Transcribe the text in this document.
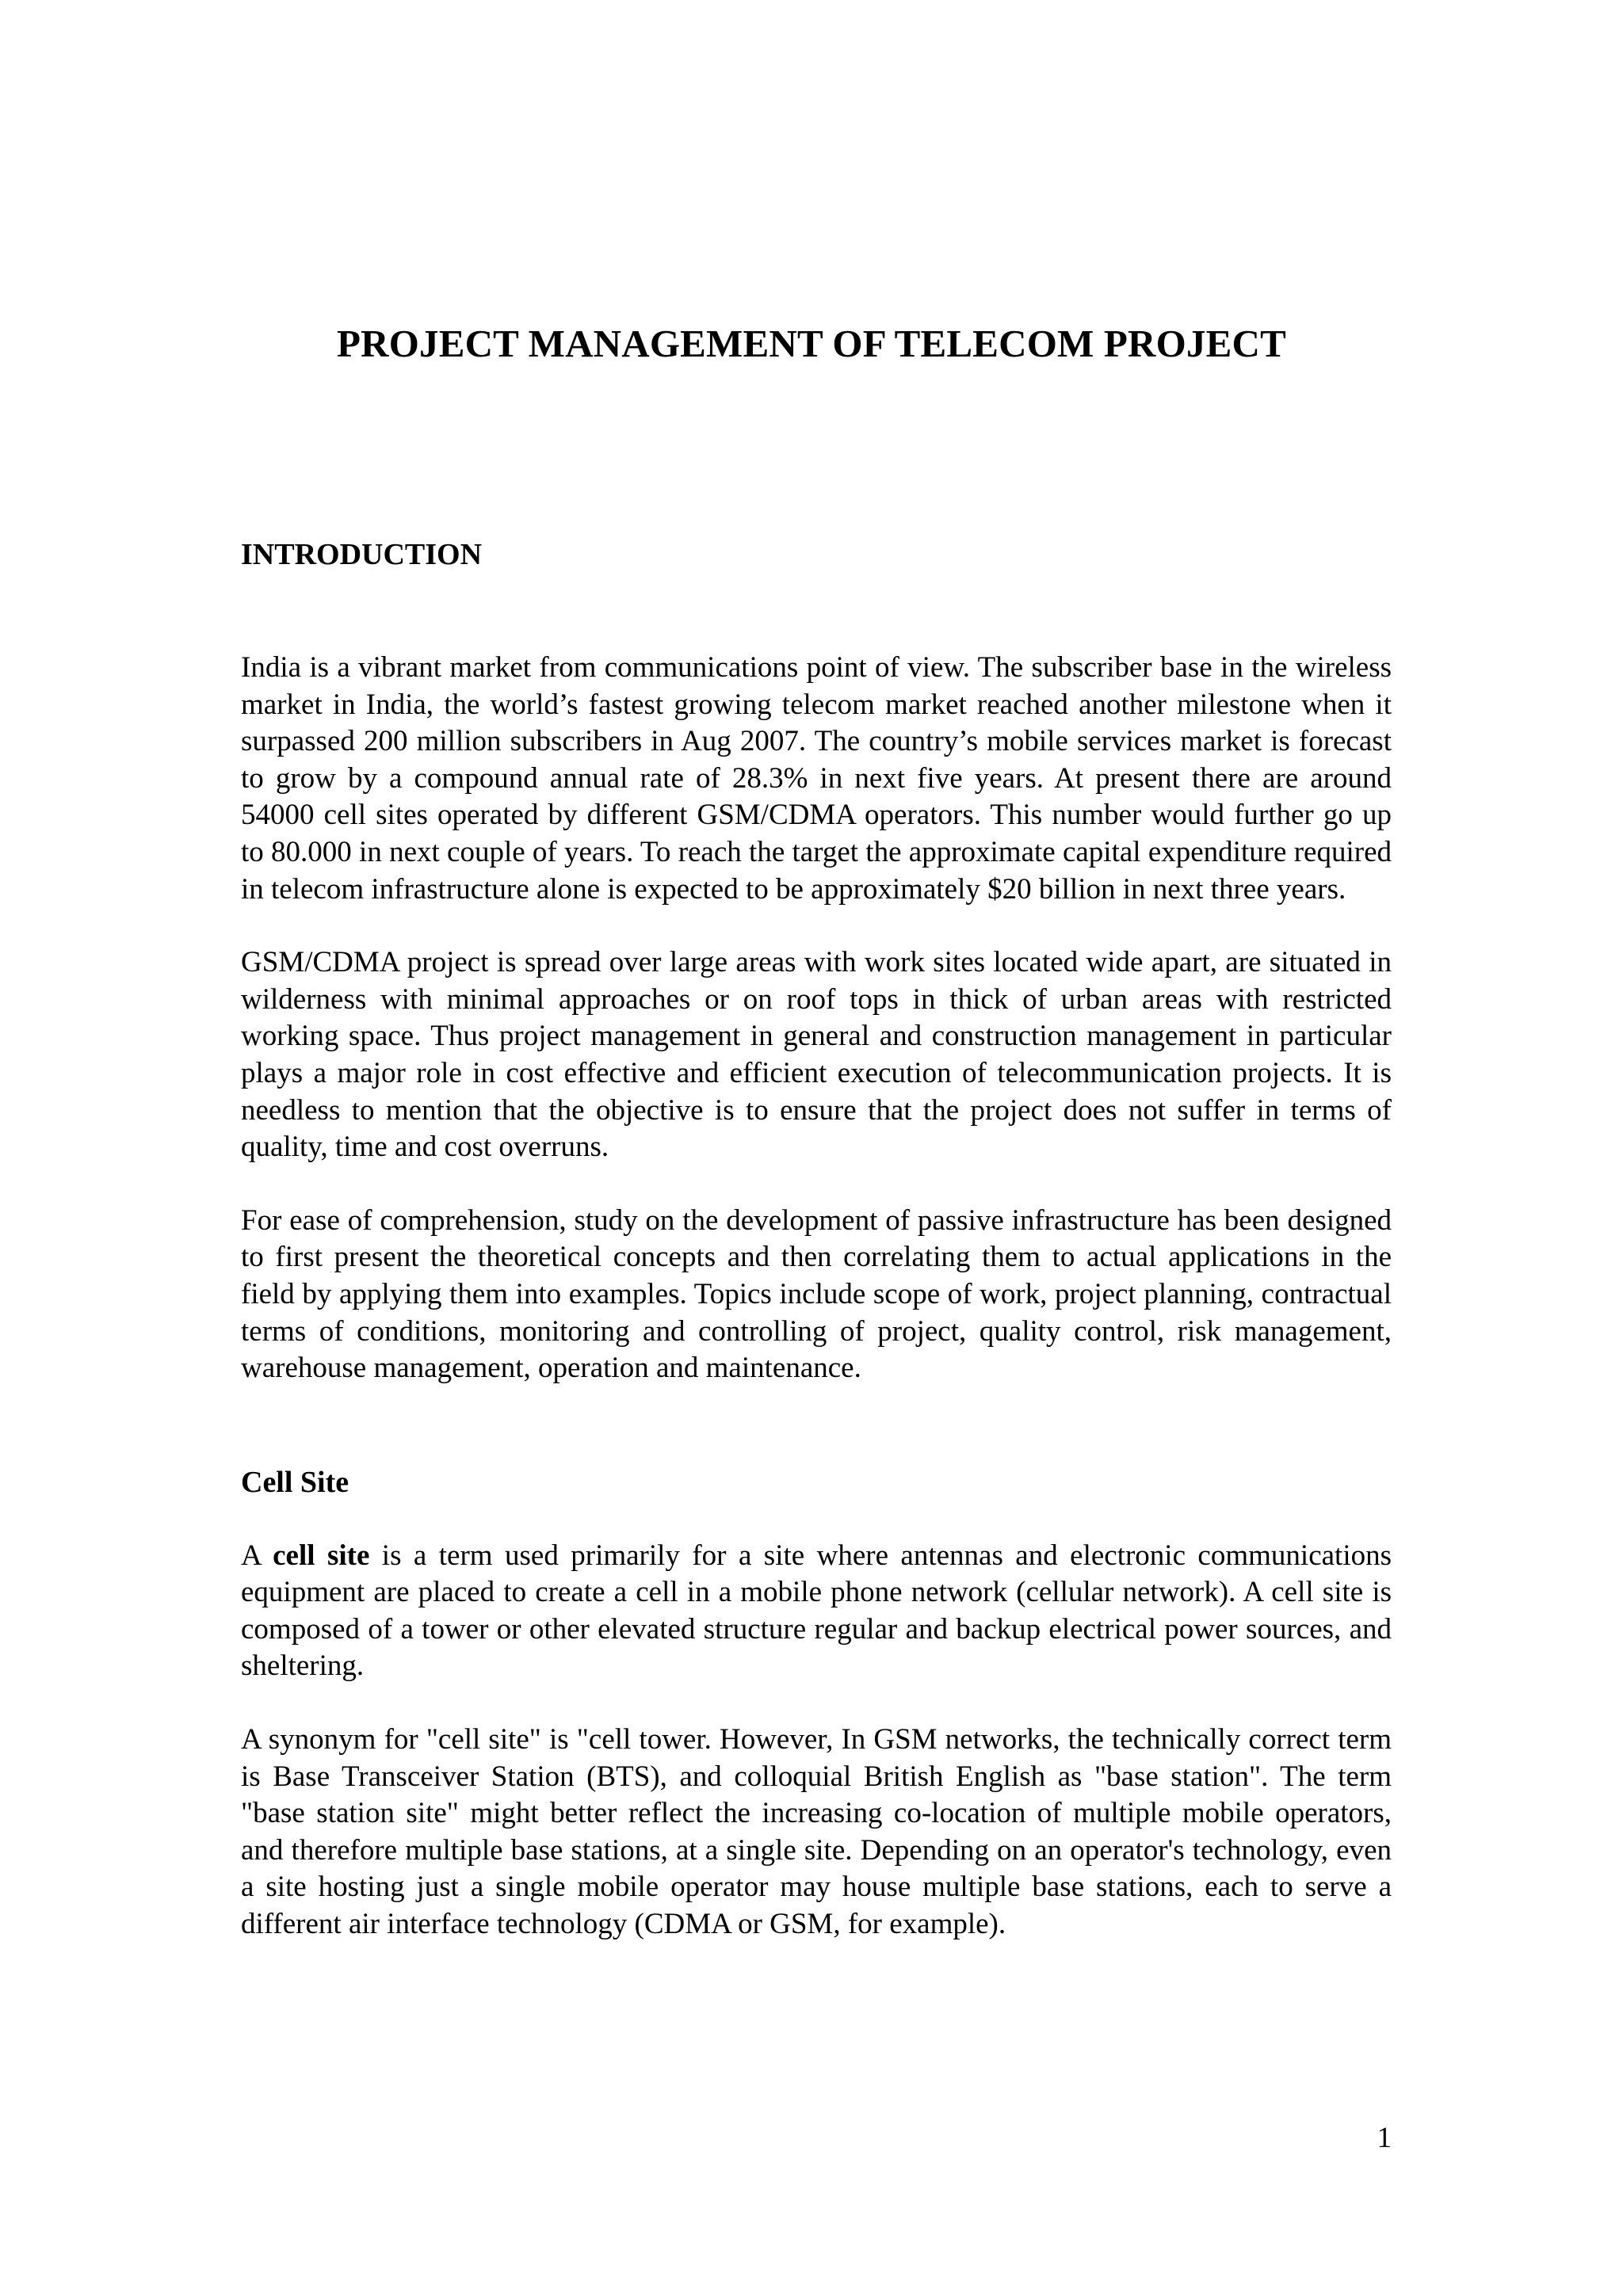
PROJECT MANAGEMENT OF TELECOM PROJECT
INTRODUCTION

India is a vibrant market from communications point of view. The subscriber base in the wireless market in India, the world’s fastest growing telecom market reached another milestone when it surpassed 200 million subscribers in Aug 2007. The country’s mobile services market is forecast to grow by a compound annual rate of 28.3% in next five years. At present there are around 54000 cell sites operated by different GSM/CDMA operators. This number would further go up to 80.000 in next couple of years. To reach the target the approximate capital expenditure required in telecom infrastructure alone is expected to be approximately $20 billion in next three years.

GSM/CDMA project is spread over large areas with work sites located wide apart, are situated in wilderness with minimal approaches or on roof tops in thick of urban areas with restricted working space. Thus project management in general and construction management in particular plays a major role in cost effective and efficient execution of telecommunication projects. It is needless to mention that the objective is to ensure that the project does not suffer in terms of quality, time and cost overruns.

For ease of comprehension, study on the development of passive infrastructure has been designed to first present the theoretical concepts and then correlating them to actual applications in the field by applying them into examples. Topics include scope of work, project planning, contractual terms of conditions, monitoring and controlling of project, quality control, risk management, warehouse management, operation and maintenance.

Cell Site

A cell site is a term used primarily for a site where antennas and electronic communications equipment are placed to create a cell in a mobile phone network (cellular network). A cell site is composed of a tower or other elevated structure regular and backup electrical power sources, and sheltering.

A synonym for "cell site" is "cell tower. However, In GSM networks, the technically correct term is Base Transceiver Station (BTS), and colloquial British English as "base station". The term "base station site" might better reflect the increasing co-location of multiple mobile operators, and therefore multiple base stations, at a single site. Depending on an operator's technology, even a site hosting just a single mobile operator may house multiple base stations, each to serve a different air interface technology (CDMA or GSM, for example).

1
